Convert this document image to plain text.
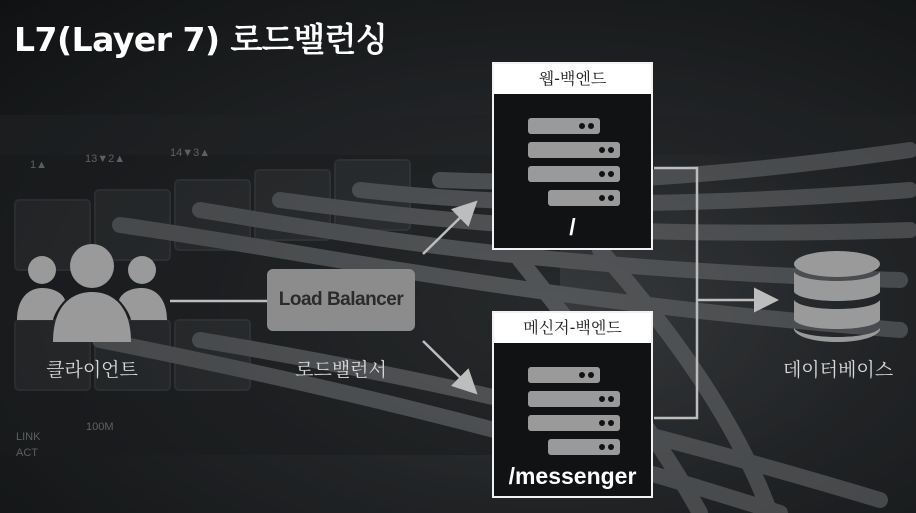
1▲	13▼2▲	14▼3▲
LINK
ACT
100M
L7(Layer 7) 로드밸런싱
클라이언트
Load Balancer
로드밸런서
웹-백엔드
/
메신저-백엔드
/messenger
데이터베이스
